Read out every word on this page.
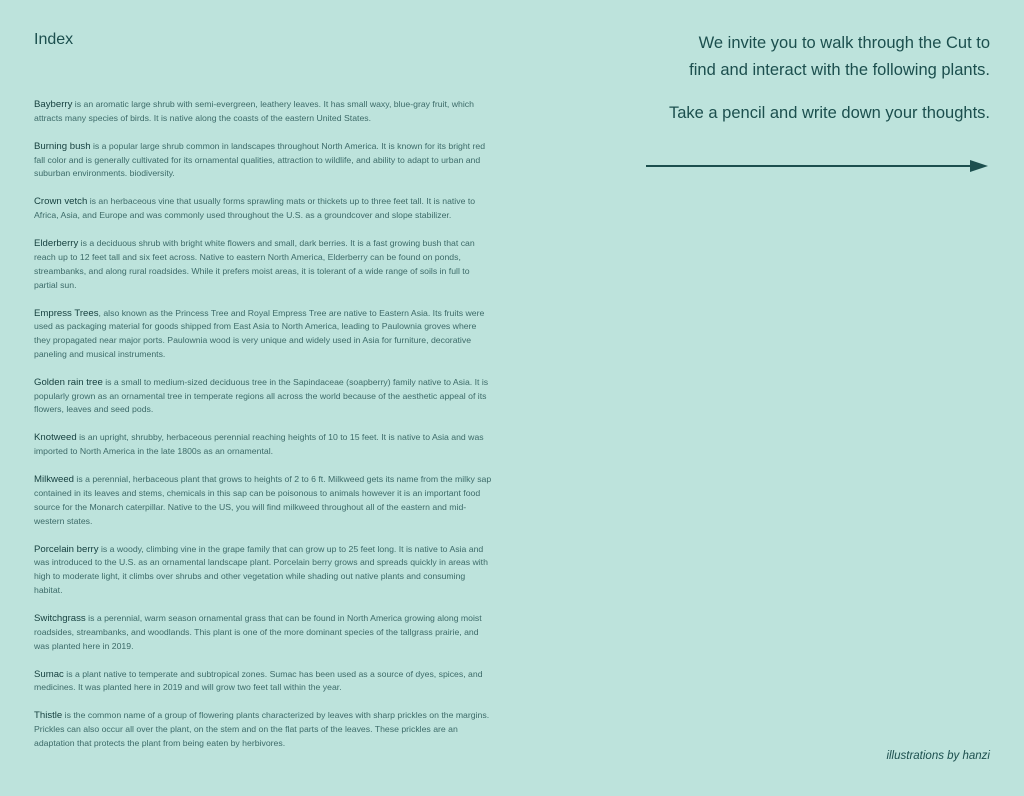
Index

Bayberry is an aromatic large shrub with semi-evergreen, leathery leaves. It has small waxy, blue-gray fruit, which attracts many species of birds. It is native along the coasts of the eastern United States.

Burning bush is a popular large shrub common in landscapes throughout North America. It is known for its bright red fall color and is generally cultivated for its ornamental qualities, attraction to wildlife, and ability to adapt to urban and suburban environments. biodiversity.

Crown vetch is an herbaceous vine that usually forms sprawling mats or thickets up to three feet tall. It is native to Africa, Asia, and Europe and was commonly used throughout the U.S. as a groundcover and slope stabilizer.

Elderberry is a deciduous shrub with bright white flowers and small, dark berries. It is a fast growing bush that can reach up to 12 feet tall and six feet across. Native to eastern North America, Elderberry can be found on ponds, streambanks, and along rural roadsides. While it prefers moist areas, it is tolerant of a wide range of soils in full to partial sun.

Empress Trees, also known as the Princess Tree and Royal Empress Tree are native to Eastern Asia. Its fruits were used as packaging material for goods shipped from East Asia to North America, leading to Paulownia groves where they propagated near major ports. Paulownia wood is very unique and widely used in Asia for furniture, decorative paneling and musical instruments.

Golden rain tree is a small to medium-sized deciduous tree in the Sapindaceae (soapberry) family native to Asia. It is popularly grown as an ornamental tree in temperate regions all across the world because of the aesthetic appeal of its flowers, leaves and seed pods.

Knotweed is an upright, shrubby, herbaceous perennial reaching heights of 10 to 15 feet. It is native to Asia and was imported to North America in the late 1800s as an ornamental.

Milkweed is a perennial, herbaceous plant that grows to heights of 2 to 6 ft. Milkweed gets its name from the milky sap contained in its leaves and stems, chemicals in this sap can be poisonous to animals however it is an important food source for the Monarch caterpillar. Native to the US, you will find milkweed throughout all of the eastern and mid-western states.

Porcelain berry is a woody, climbing vine in the grape family that can grow up to 25 feet long. It is native to Asia and was introduced to the U.S. as an ornamental landscape plant. Porcelain berry grows and spreads quickly in areas with high to moderate light, it climbs over shrubs and other vegetation while shading out native plants and consuming habitat.

Switchgrass is a perennial, warm season ornamental grass that can be found in North America growing along moist roadsides, streambanks, and woodlands. This plant is one of the more dominant species of the tallgrass prairie, and was planted here in 2019.

Sumac is a plant native to temperate and subtropical zones. Sumac has been used as a source of dyes, spices, and medicines. It was planted here in 2019 and will grow two feet tall within the year.

Thistle is the common name of a group of flowering plants characterized by leaves with sharp prickles on the margins. Prickles can also occur all over the plant, on the stem and on the flat parts of the leaves. These prickles are an adaptation that protects the plant from being eaten by herbivores.

We invite you to walk through the Cut to

find and interact with the following plants.

Take a pencil and write down your thoughts.

illustrations by hanzi
